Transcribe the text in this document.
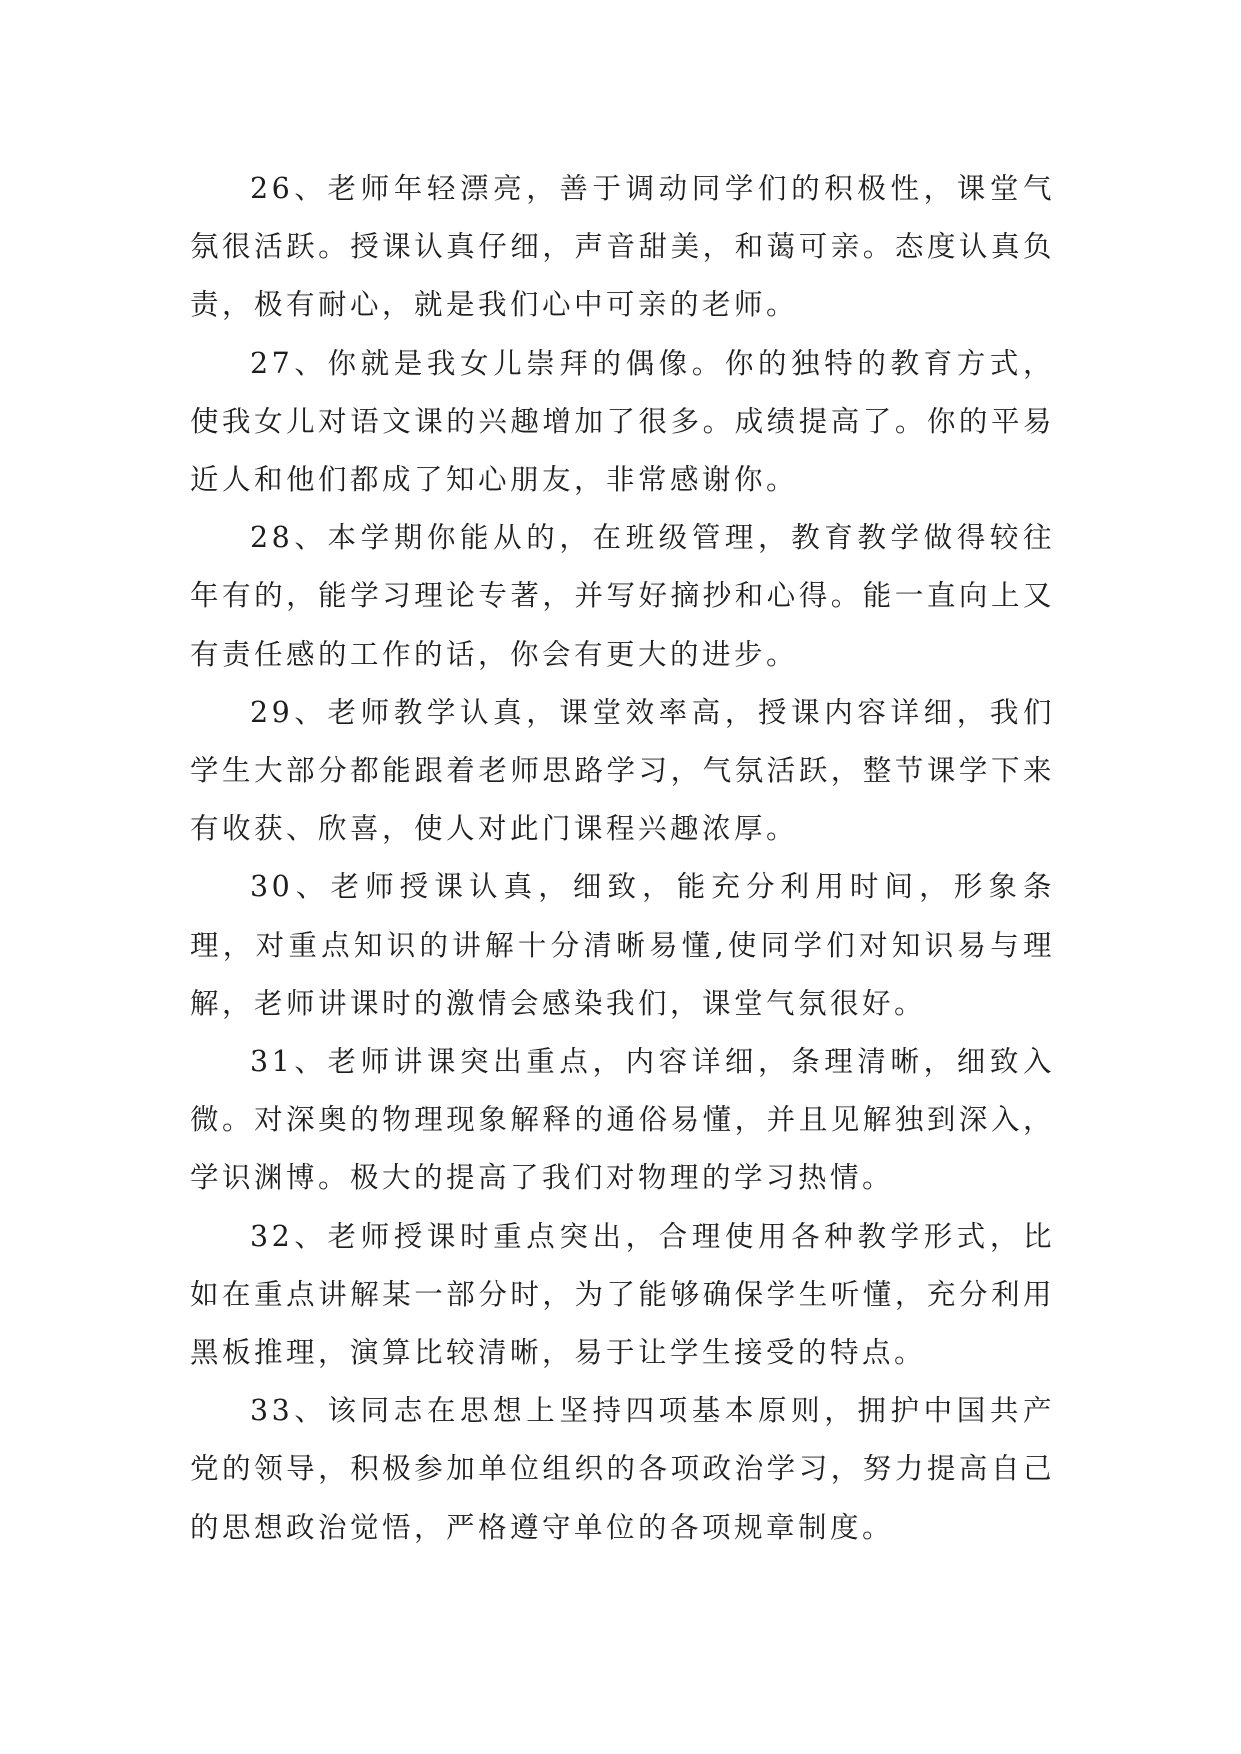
26、老师年轻漂亮，善于调动同学们的积极性，课堂气氛很活跃。授课认真仔细，声音甜美，和蔼可亲。态度认真负责，极有耐心，就是我们心中可亲的老师。

27、你就是我女儿崇拜的偶像。你的独特的教育方式，使我女儿对语文课的兴趣增加了很多。成绩提高了。你的平易近人和他们都成了知心朋友，非常感谢你。

28、本学期你能从的，在班级管理，教育教学做得较往年有的，能学习理论专著，并写好摘抄和心得。能一直向上又有责任感的工作的话，你会有更大的进步。

29、老师教学认真，课堂效率高，授课内容详细，我们学生大部分都能跟着老师思路学习，气氛活跃，整节课学下来有收获、欣喜，使人对此门课程兴趣浓厚。

30、老师授课认真，细致，能充分利用时间，形象条理，对重点知识的讲解十分清晰易懂,使同学们对知识易与理解，老师讲课时的激情会感染我们，课堂气氛很好。

31、老师讲课突出重点，内容详细，条理清晰，细致入微。对深奥的物理现象解释的通俗易懂，并且见解独到深入，学识渊博。极大的提高了我们对物理的学习热情。

32、老师授课时重点突出，合理使用各种教学形式，比如在重点讲解某一部分时，为了能够确保学生听懂，充分利用黑板推理，演算比较清晰，易于让学生接受的特点。

33、该同志在思想上坚持四项基本原则，拥护中国共产党的领导，积极参加单位组织的各项政治学习，努力提高自己的思想政治觉悟，严格遵守单位的各项规章制度。
